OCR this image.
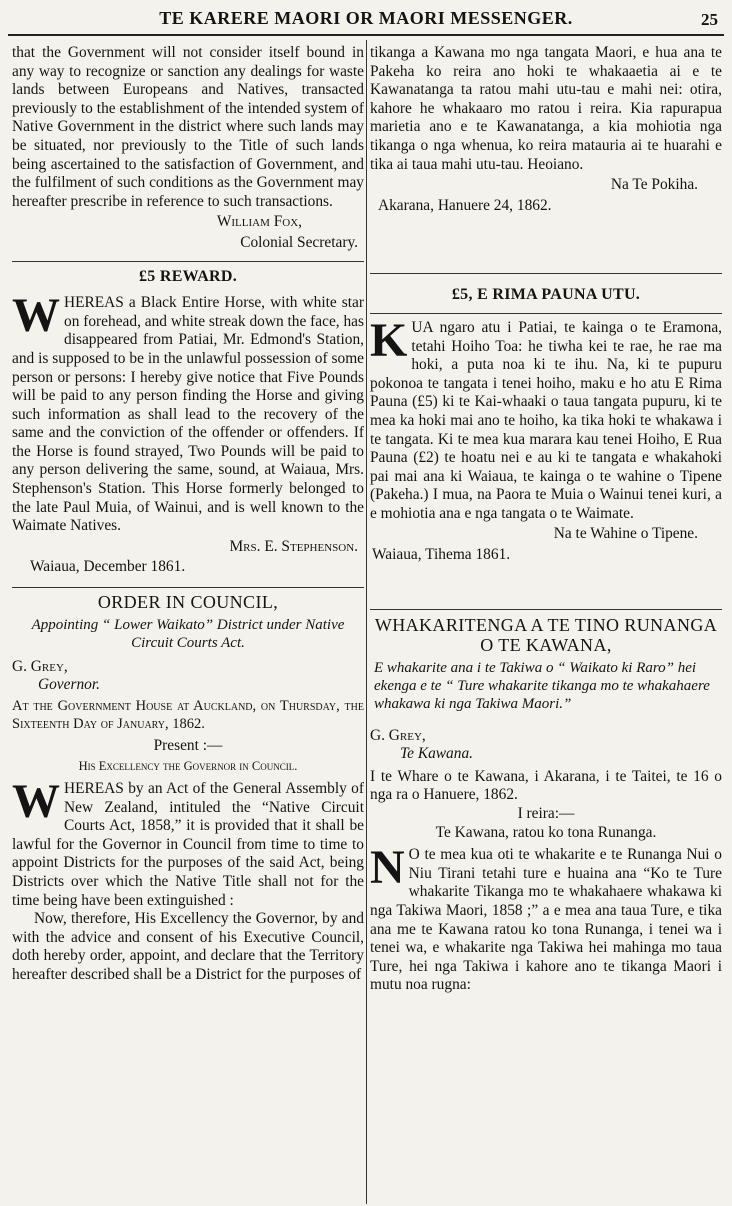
TE KARERE MAORI OR MAORI MESSENGER.	25

that the Government will not consider itself bound in any way to recognize or sanction any dealings for waste lands between Europeans and Natives, transacted previously to the establishment of the intended system of Native Government in the district where such lands may be situated, nor previously to the Title of such lands being ascertained to the satisfaction of Government, and the fulfilment of such conditions as the Government may hereafter prescribe in reference to such transactions.

William Fox,
Colonial Secretary.
£5 REWARD.

WHEREAS a Black Entire Horse, with white star on forehead, and white streak down the face, has disappeared from Patiai, Mr. Edmond's Station, and is supposed to be in the unlawful possession of some person or persons: I hereby give notice that Five Pounds will be paid to any person finding the Horse and giving such information as shall lead to the recovery of the same and the conviction of the offender or offenders. If the Horse is found strayed, Two Pounds will be paid to any person delivering the same, sound, at Waiaua, Mrs. Stephenson's Station. This Horse formerly belonged to the late Paul Muia, of Wainui, and is well known to the Waimate Natives.

Mrs. E. Stephenson.
Waiaua, December 1861.
ORDER IN COUNCIL,
Appointing “ Lower Waikato” District under Native Circuit Courts Act.
G. Grey,
Governor.

At the Government House at Auckland, on Thursday, the Sixteenth Day of January, 1862.

Present :—
His Excellency the Governor in Council.

WHEREAS by an Act of the General Assembly of New Zealand, intituled the “Native Circuit Courts Act, 1858,” it is provided that it shall be lawful for the Governor in Council from time to time to appoint Districts for the purposes of the said Act, being Districts over which the Native Title shall not for the time being have been extinguished :

Now, therefore, His Excellency the Governor, by and with the advice and consent of his Executive Council, doth hereby order, appoint, and declare that the Territory hereafter described shall be a District for the purposes of

tikanga a Kawana mo nga tangata Maori, e hua ana te Pakeha ko reira ano hoki te whakaaetia ai e te Kawanatanga ta ratou mahi utu-tau e mahi nei: otira, kahore he whakaaro mo ratou i reira. Kia rapurapua marietia ano e te Kawanatanga, a kia mohiotia nga tikanga o nga whenua, ko reira matauria ai te huarahi e tika ai taua mahi utu-tau. Heoiano.

Na Te Pokiha.
Akarana, Hanuere 24, 1862.
£5, E RIMA PAUNA UTU.

KUA ngaro atu i Patiai, te kainga o te Eramona, tetahi Hoiho Toa: he tiwha kei te rae, he rae ma hoki, a puta noa ki te ihu. Na, ki te pupuru pokonoa te tangata i tenei hoiho, maku e ho atu E Rima Pauna (£5) ki te Kai-whaaki o taua tangata pupuru, ki te mea ka hoki mai ano te hoiho, ka tika hoki te whakawa i te tangata. Ki te mea kua marara kau tenei Hoiho, E Rua Pauna (£2) te hoatu nei e au ki te tangata e whakahoki pai mai ana ki Waiaua, te kainga o te wahine o Tipene (Pakeha.) I mua, na Paora te Muia o Wainui tenei kuri, a e mohiotia ana e nga tangata o te Waimate.

Na te Wahine o Tipene.
Waiaua, Tihema 1861.
WHAKARITENGA A TE TINO RUNANGA O TE KAWANA,
E whakarite ana i te Takiwa o “ Waikato ki Raro” hei ekenga e te “ Ture whakarite tikanga mo te whakahaere whakawa ki nga Takiwa Maori.”
G. Grey,
Te Kawana.

I te Whare o te Kawana, i Akarana, i te Taitei, te 16 o nga ra o Hanuere, 1862.

I reira:—
Te Kawana, ratou ko tona Runanga.

N O te mea kua oti te whakarite e te Runanga Nui o Niu Tirani tetahi ture e huaina ana “Ko te Ture whakarite Tikanga mo te whakahaere whakawa ki nga Takiwa Maori, 1858 ;” a e mea ana taua Ture, e tika ana me te Kawana ratou ko tona Runanga, i tenei wa i tenei wa, e whakarite nga Takiwa hei mahinga mo taua Ture, hei nga Takiwa i kahore ano te tikanga Maori i mutu noa rugna:
